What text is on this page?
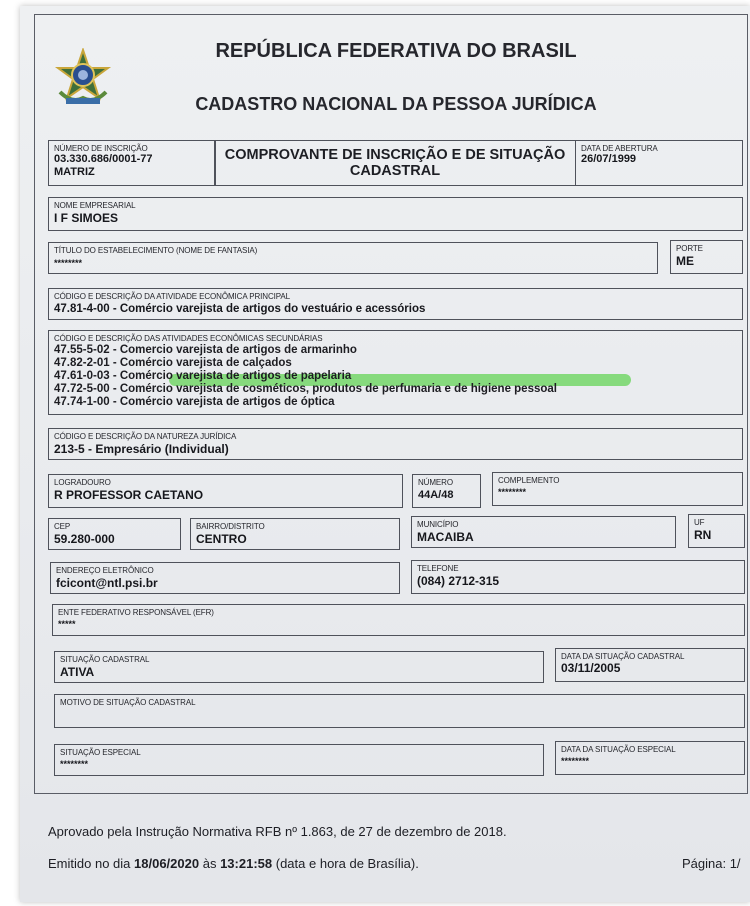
REPÚBLICA FEDERATIVA DO BRASIL
CADASTRO NACIONAL DA PESSOA JURÍDICA
NÚMERO DE INSCRIÇÃO
03.330.686/0001-77
MATRIZ
COMPROVANTE DE INSCRIÇÃO E DE SITUAÇÃO
CADASTRAL
DATA DE ABERTURA
26/07/1999
NOME EMPRESARIAL
I F SIMOES
TÍTULO DO ESTABELECIMENTO (NOME DE FANTASIA)
********
PORTE
ME
CÓDIGO E DESCRIÇÃO DA ATIVIDADE ECONÔMICA PRINCIPAL
47.81-4-00 - Comércio varejista de artigos do vestuário e acessórios
CÓDIGO E DESCRIÇÃO DAS ATIVIDADES ECONÔMICAS SECUNDÁRIAS
47.55-5-02 - Comercio varejista de artigos de armarinho
47.82-2-01 - Comércio varejista de calçados
47.61-0-03 - Comércio varejista de artigos de papelaria
47.72-5-00 - Comércio varejista de cosméticos, produtos de perfumaria e de higiene pessoal
47.74-1-00 - Comércio varejista de artigos de óptica
CÓDIGO E DESCRIÇÃO DA NATUREZA JURÍDICA
213-5 - Empresário (Individual)
LOGRADOURO
R PROFESSOR CAETANO
NÚMERO
44A/48
COMPLEMENTO
********
CEP
59.280-000
BAIRRO/DISTRITO
CENTRO
MUNICÍPIO
MACAIBA
UF
RN
ENDEREÇO ELETRÔNICO
fcicont@ntl.psi.br
TELEFONE
(084) 2712-315
ENTE FEDERATIVO RESPONSÁVEL (EFR)
*****
SITUAÇÃO CADASTRAL
ATIVA
DATA DA SITUAÇÃO CADASTRAL
03/11/2005
MOTIVO DE SITUAÇÃO CADASTRAL
SITUAÇÃO ESPECIAL
********
DATA DA SITUAÇÃO ESPECIAL
********
Aprovado pela Instrução Normativa RFB nº 1.863, de 27 de dezembro de 2018.
Emitido no dia 18/06/2020 às 13:21:58 (data e hora de Brasília).	Página: 1/
